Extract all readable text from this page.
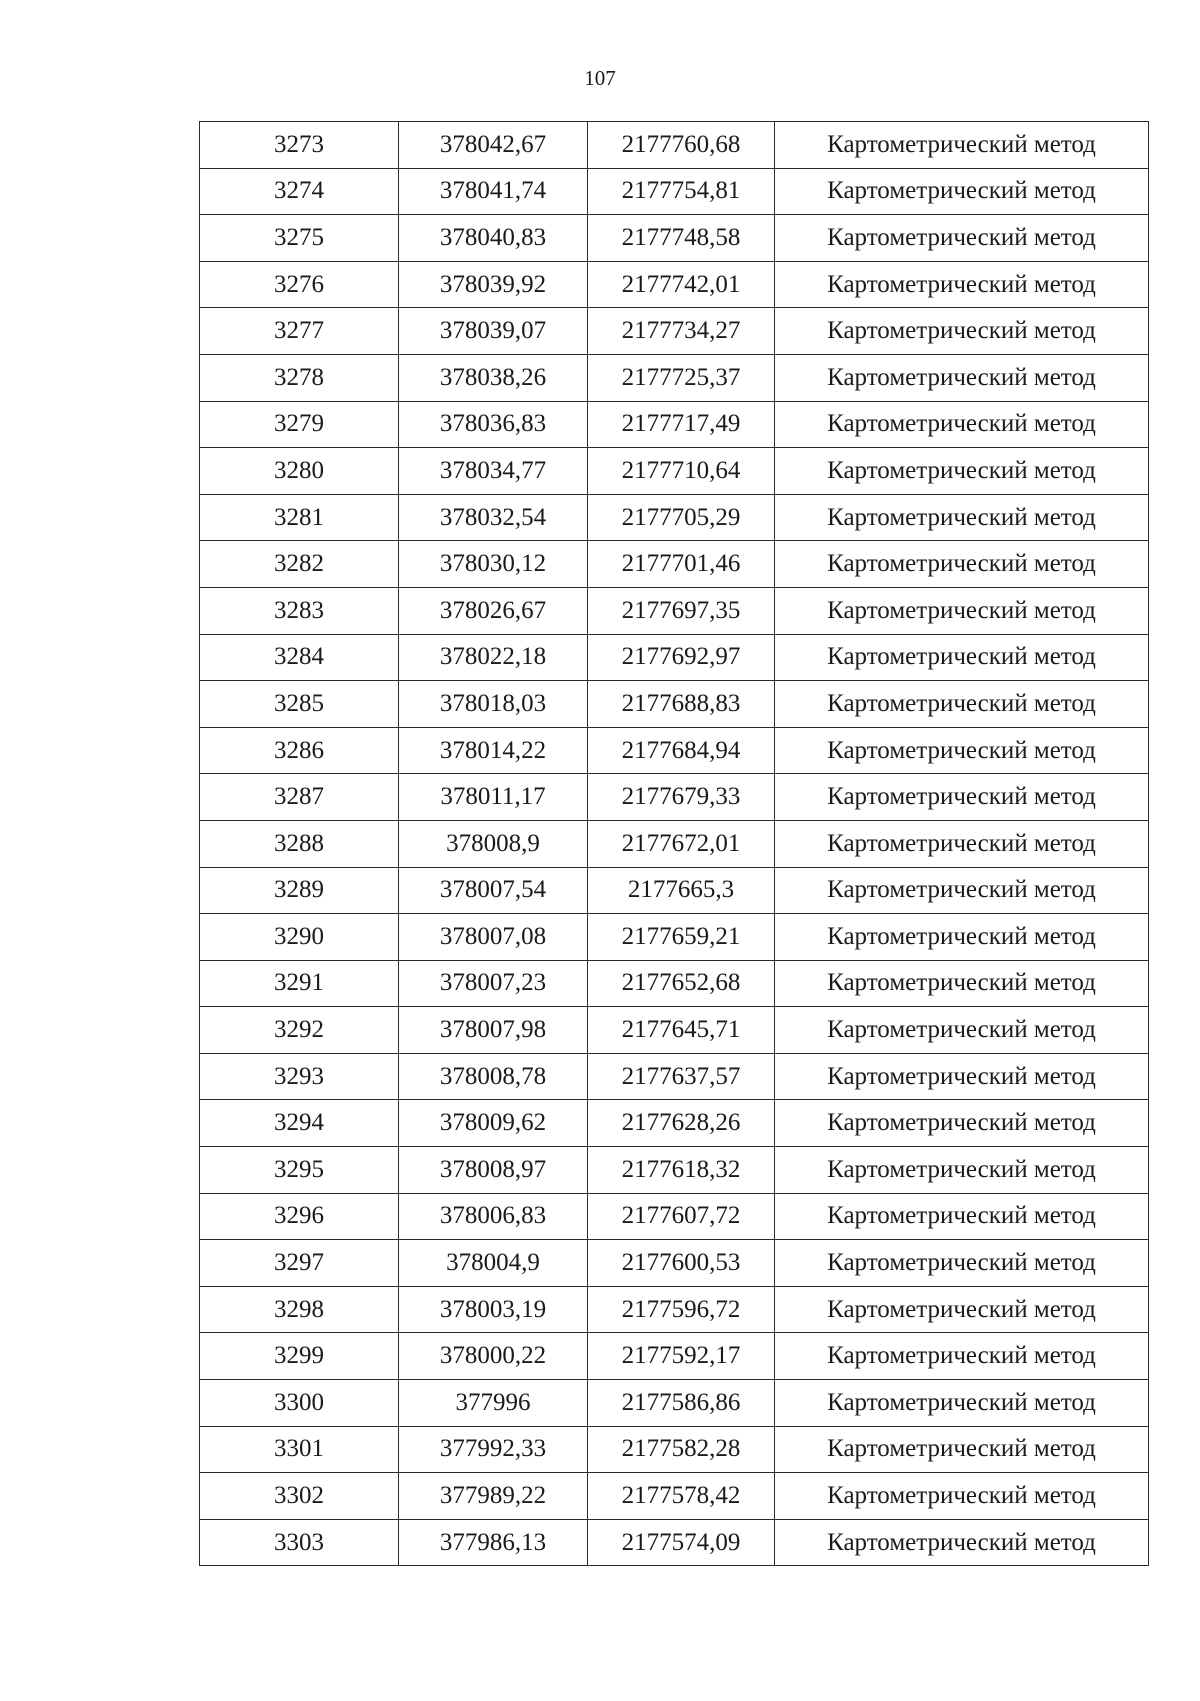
107
3273	378042,67	2177760,68	Картометрический метод
3274	378041,74	2177754,81	Картометрический метод
3275	378040,83	2177748,58	Картометрический метод
3276	378039,92	2177742,01	Картометрический метод
3277	378039,07	2177734,27	Картометрический метод
3278	378038,26	2177725,37	Картометрический метод
3279	378036,83	2177717,49	Картометрический метод
3280	378034,77	2177710,64	Картометрический метод
3281	378032,54	2177705,29	Картометрический метод
3282	378030,12	2177701,46	Картометрический метод
3283	378026,67	2177697,35	Картометрический метод
3284	378022,18	2177692,97	Картометрический метод
3285	378018,03	2177688,83	Картометрический метод
3286	378014,22	2177684,94	Картометрический метод
3287	378011,17	2177679,33	Картометрический метод
3288	378008,9	2177672,01	Картометрический метод
3289	378007,54	2177665,3	Картометрический метод
3290	378007,08	2177659,21	Картометрический метод
3291	378007,23	2177652,68	Картометрический метод
3292	378007,98	2177645,71	Картометрический метод
3293	378008,78	2177637,57	Картометрический метод
3294	378009,62	2177628,26	Картометрический метод
3295	378008,97	2177618,32	Картометрический метод
3296	378006,83	2177607,72	Картометрический метод
3297	378004,9	2177600,53	Картометрический метод
3298	378003,19	2177596,72	Картометрический метод
3299	378000,22	2177592,17	Картометрический метод
3300	377996	2177586,86	Картометрический метод
3301	377992,33	2177582,28	Картометрический метод
3302	377989,22	2177578,42	Картометрический метод
3303	377986,13	2177574,09	Картометрический метод
